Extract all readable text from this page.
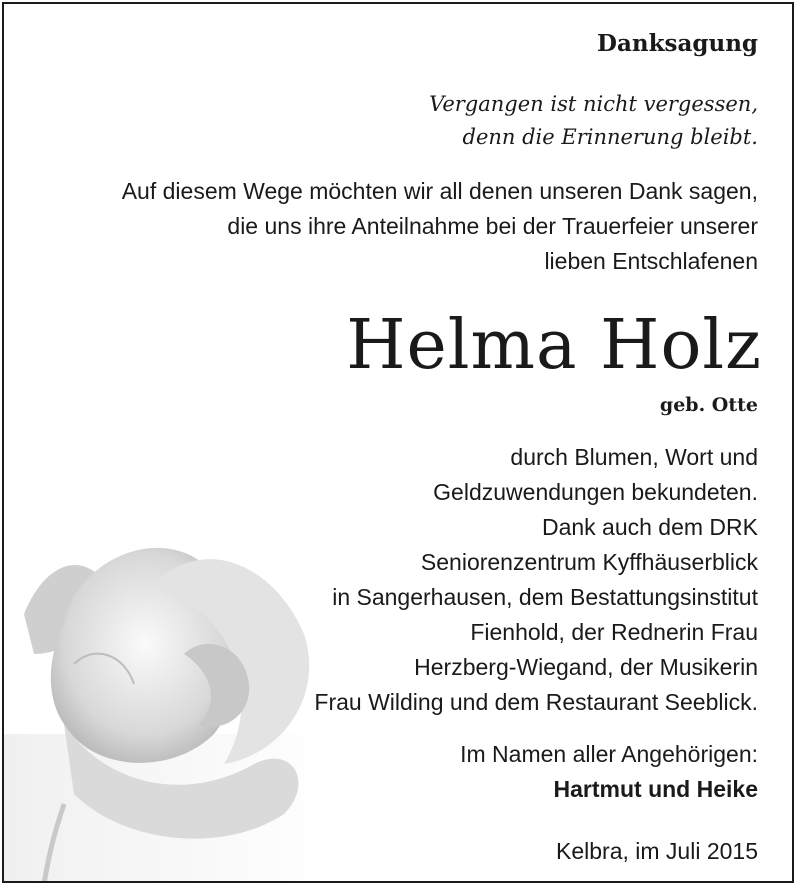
Danksagung
Vergangen ist nicht vergessen,
denn die Erinnerung bleibt.
Auf diesem Wege möchten wir all denen unseren Dank sagen,
die uns ihre Anteilnahme bei der Trauerfeier unserer
lieben Entschlafenen
Helma Holz
geb. Otte
durch Blumen, Wort und
Geldzuwendungen bekundeten.
Dank auch dem DRK
Seniorenzentrum Kyffhäuserblick
in Sangerhausen, dem Bestattungsinstitut
Fienhold, der Rednerin Frau
Herzberg-Wiegand, der Musikerin
Frau Wilding und dem Restaurant Seeblick.
Im Namen aller Angehörigen:
Hartmut und Heike
Kelbra, im Juli 2015
